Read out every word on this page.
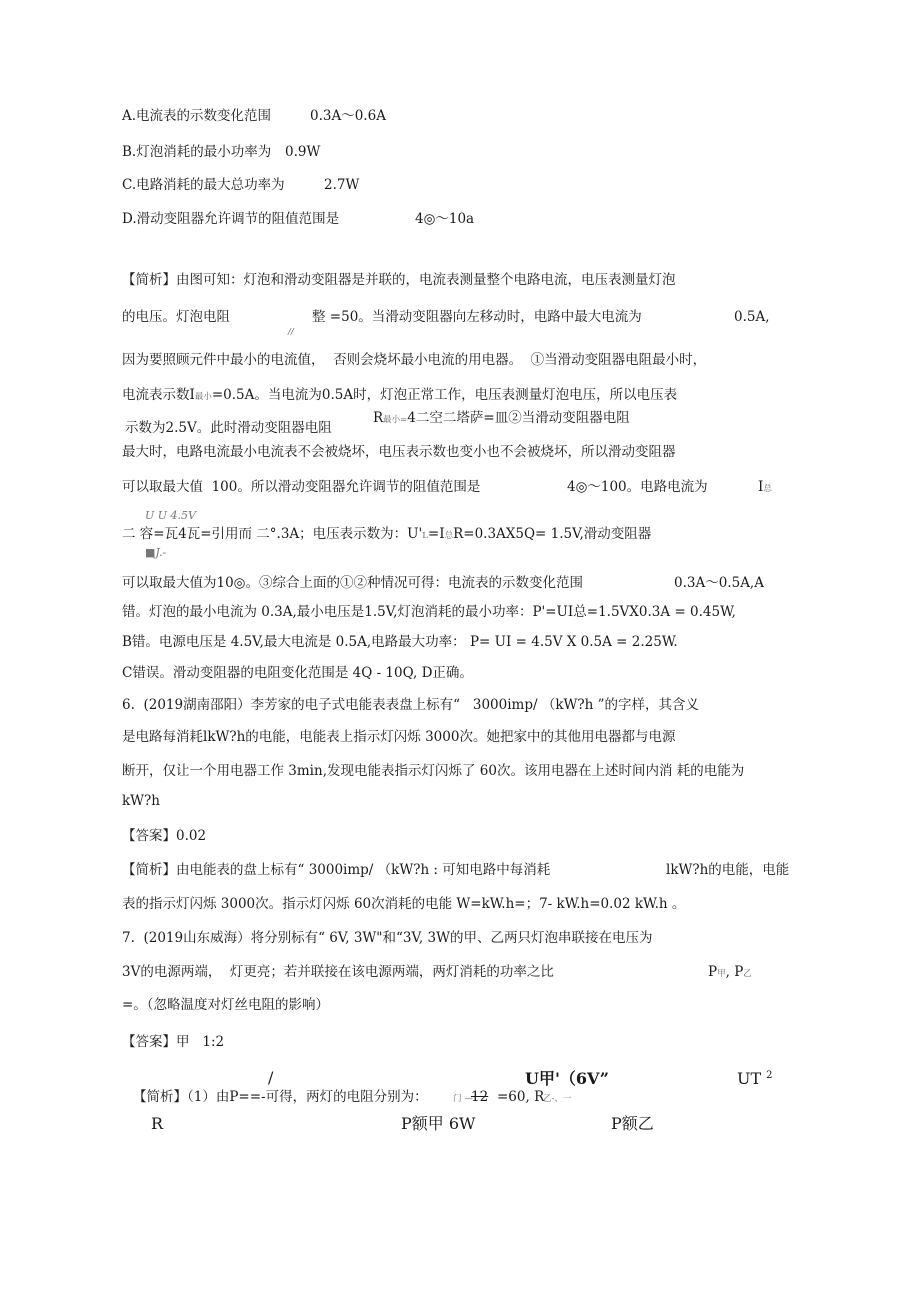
A.电流表的示数变化范围	0.3A〜0.6A
B.灯泡消耗的最小功率为 0.9W
C.电路消耗的最大总功率为	2.7W
D.滑动变阻器允许调节的阻值范围是	4◎〜10a
【简析】由图可知：灯泡和滑动变阻器是并联的，电流表测量整个电路电流，电压表测量灯泡

的电压。灯泡电阻

//

整 =50。当滑动变阻器向左移动时，电路中最大电流为

	0.5A,

因为要照顾元件中最小的电流值，  否则会烧坏最小电流的用电器。  ①当滑动变阻器电阻最小时，
电流表示数I最小=0.5A。当电流为0.5A时，灯泡正常工作，电压表测量灯泡电压，所以电压表

示数为2.5V。此时滑动变阻器电阻

R最小=4二空二塔萨=皿②当滑动变阻器电阻

最大时，电路电流最小电流表不会被烧坏，电压表示数也变小也不会被烧坏，所以滑动变阻器

可以取最大值  100。所以滑动变阻器允许调节的阻值范围是

	4◎〜100。电路电流为

	I总

U U 4.5V
二 容=瓦4瓦=引用而 二°.3A；电压表示数为：U'L=I总R=0.3AX5Q= 1.5V,滑动变阻器
■J.-

可以取最大值为10◎。③综合上面的①②种情况可得：电流表的示数变化范围

	0.3A〜0.5A,A

错。灯泡的最小电流为 0.3A,最小电压是1.5V,灯泡消耗的最小功率：P'=UI总=1.5VX0.3A = 0.45W,
B错。电源电压是 4.5V,最大电流是 0.5A,电路最大功率： P= UI = 4.5V X 0.5A = 2.25W.
C错误。滑动变阻器的电阻变化范围是 4Q - 10Q, D正确。
6.  (2019湖南邵阳）李芳家的电子式电能表表盘上标有“   3000imp/ （kW?h ”的字样，其含义
是电路每消耗lkW?h的电能，电能表上指示灯闪烁 3000次。她把家中的其他用电器都与电源
断开，仅让一个用电器工作 3min,发现电能表指示灯闪烁了 60次。该用电器在上述时间内消 耗的电能为
kW?h
【答案】0.02

【简析】由电能表的盘上标有“ 3000imp/ （kW?h : 可知电路中每消耗

	lkW?h的电能，电能

表的指示灯闪烁 3000次。指示灯闪烁 60次消耗的电能 W=kW.h=；7- kW.h=0.02 kW.h 。
7.  (2019山东威海）将分别标有“ 6V, 3W"和“3V, 3W的甲、乙两只灯泡串联接在电压为

3V的电源两端，  灯更亮；若并联接在该电源两端，两灯消耗的功率之比

	P甲, P乙

=。（忽略温度对灯丝电阻的影响）
【答案】甲   1:2
/	U甲'（6V”	UT $^2$

【简析】（1）由P==-可得，两灯的电阻分别为：

	门 —

12

=60, R

乙-、一

R	P额甲 6W	P额乙
